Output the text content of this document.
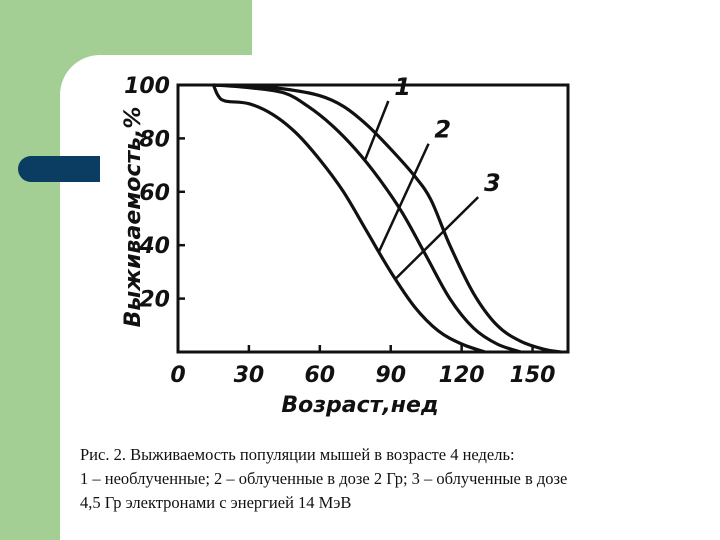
20
40
60
80
100
0 30 60 90 120 150
1
2
3
Выживаемость,%
Возраст,нед
Рис. 2. Выживаемость популяции мышей в возрасте 4 недель:
1 – необлученные; 2 – облученные в дозе 2 Гр; 3 – облученные в дозе
4,5 Гр электронами с энергией 14 МэВ
